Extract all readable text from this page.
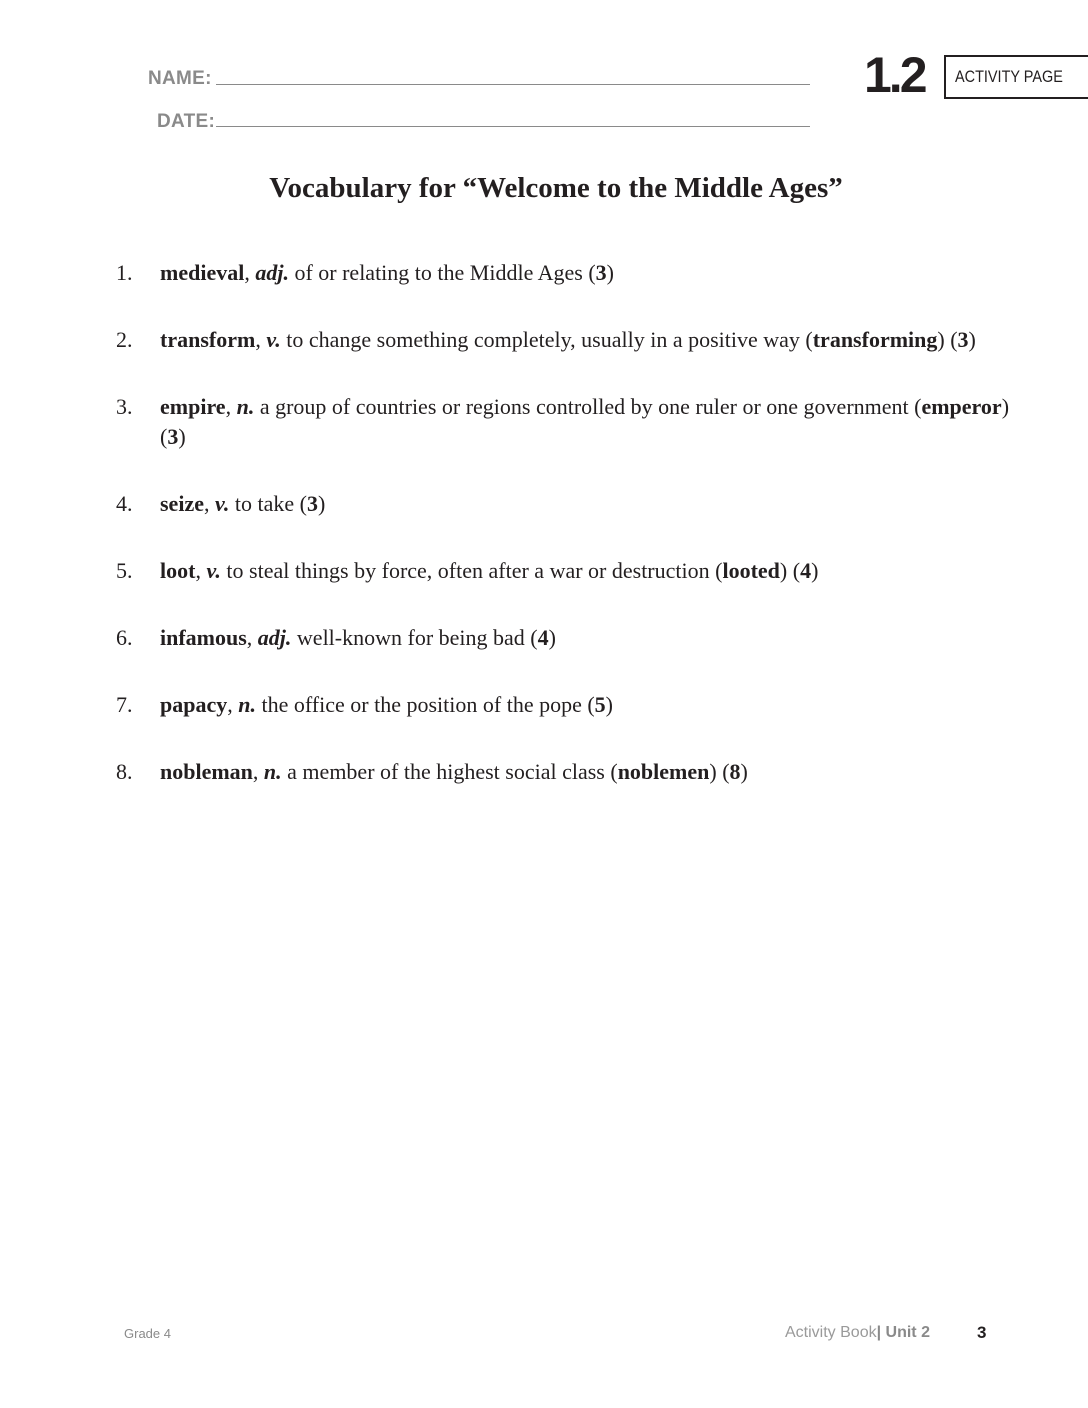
NAME:
DATE:
1.2 ACTIVITY PAGE
Vocabulary for “Welcome to the Middle Ages”
1. medieval, adj. of or relating to the Middle Ages (3)
2. transform, v. to change something completely, usually in a positive way (transforming) (3)
3. empire, n. a group of countries or regions controlled by one ruler or one government (emperor) (3)
4. seize, v. to take (3)
5. loot, v. to steal things by force, often after a war or destruction (looted) (4)
6. infamous, adj. well-known for being bad (4)
7. papacy, n. the office or the position of the pope (5)
8. nobleman, n. a member of the highest social class (noblemen) (8)
Grade 4	Activity Book| Unit 2	3
